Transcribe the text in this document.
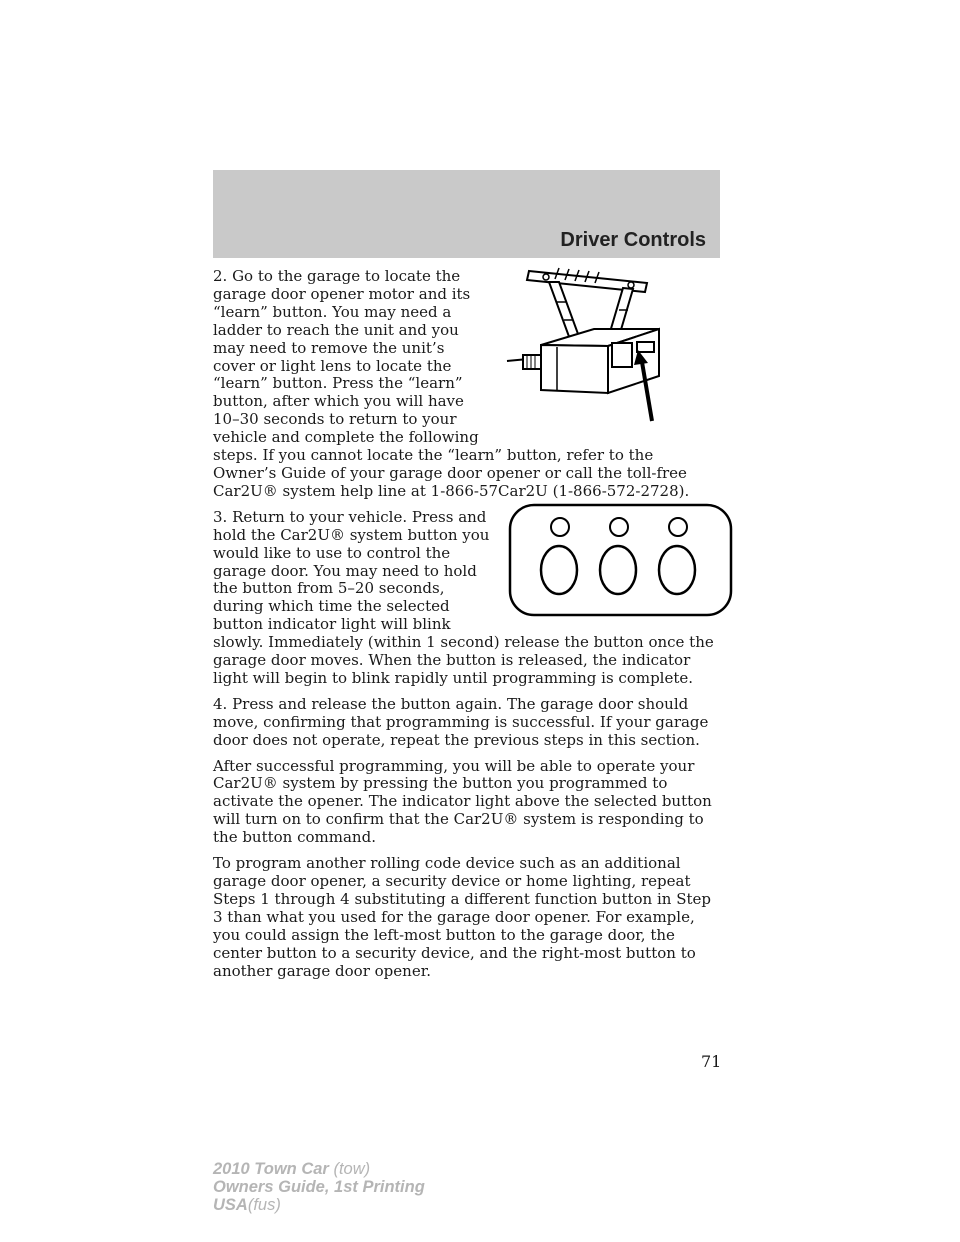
Driver Controls

2. Go to the garage to locate the garage door opener motor and its “learn” button. You may need a ladder to reach the unit and you may need to remove the unit’s cover or light lens to locate the “learn” button. Press the “learn” button, after which you will have 10–30 seconds to return to your vehicle and complete the following steps. If you cannot locate the “learn” button, refer to the Owner’s Guide of your garage door opener or call the toll-free Car2U® system help line at 1-866-57Car2U (1-866-572-2728).

3. Return to your vehicle. Press and hold the Car2U® system button you would like to use to control the garage door. You may need to hold the button from 5–20 seconds, during which time the selected button indicator light will blink slowly. Immediately (within 1 second) release the button once the garage door moves. When the button is released, the indicator light will begin to blink rapidly until programming is complete.

4. Press and release the button again. The garage door should move, confirming that programming is successful. If your garage door does not operate, repeat the previous steps in this section.

After successful programming, you will be able to operate your Car2U® system by pressing the button you programmed to activate the opener. The indicator light above the selected button will turn on to confirm that the Car2U® system is responding to the button command.

To program another rolling code device such as an additional garage door opener, a security device or home lighting, repeat Steps 1 through 4 substituting a different function button in Step 3 than what you used for the garage door opener. For example, you could assign the left-most button to the garage door, the center button to a security device, and the right-most button to another garage door opener.

71
2010 Town Car (tow)
Owners Guide, 1st Printing
USA(fus)
